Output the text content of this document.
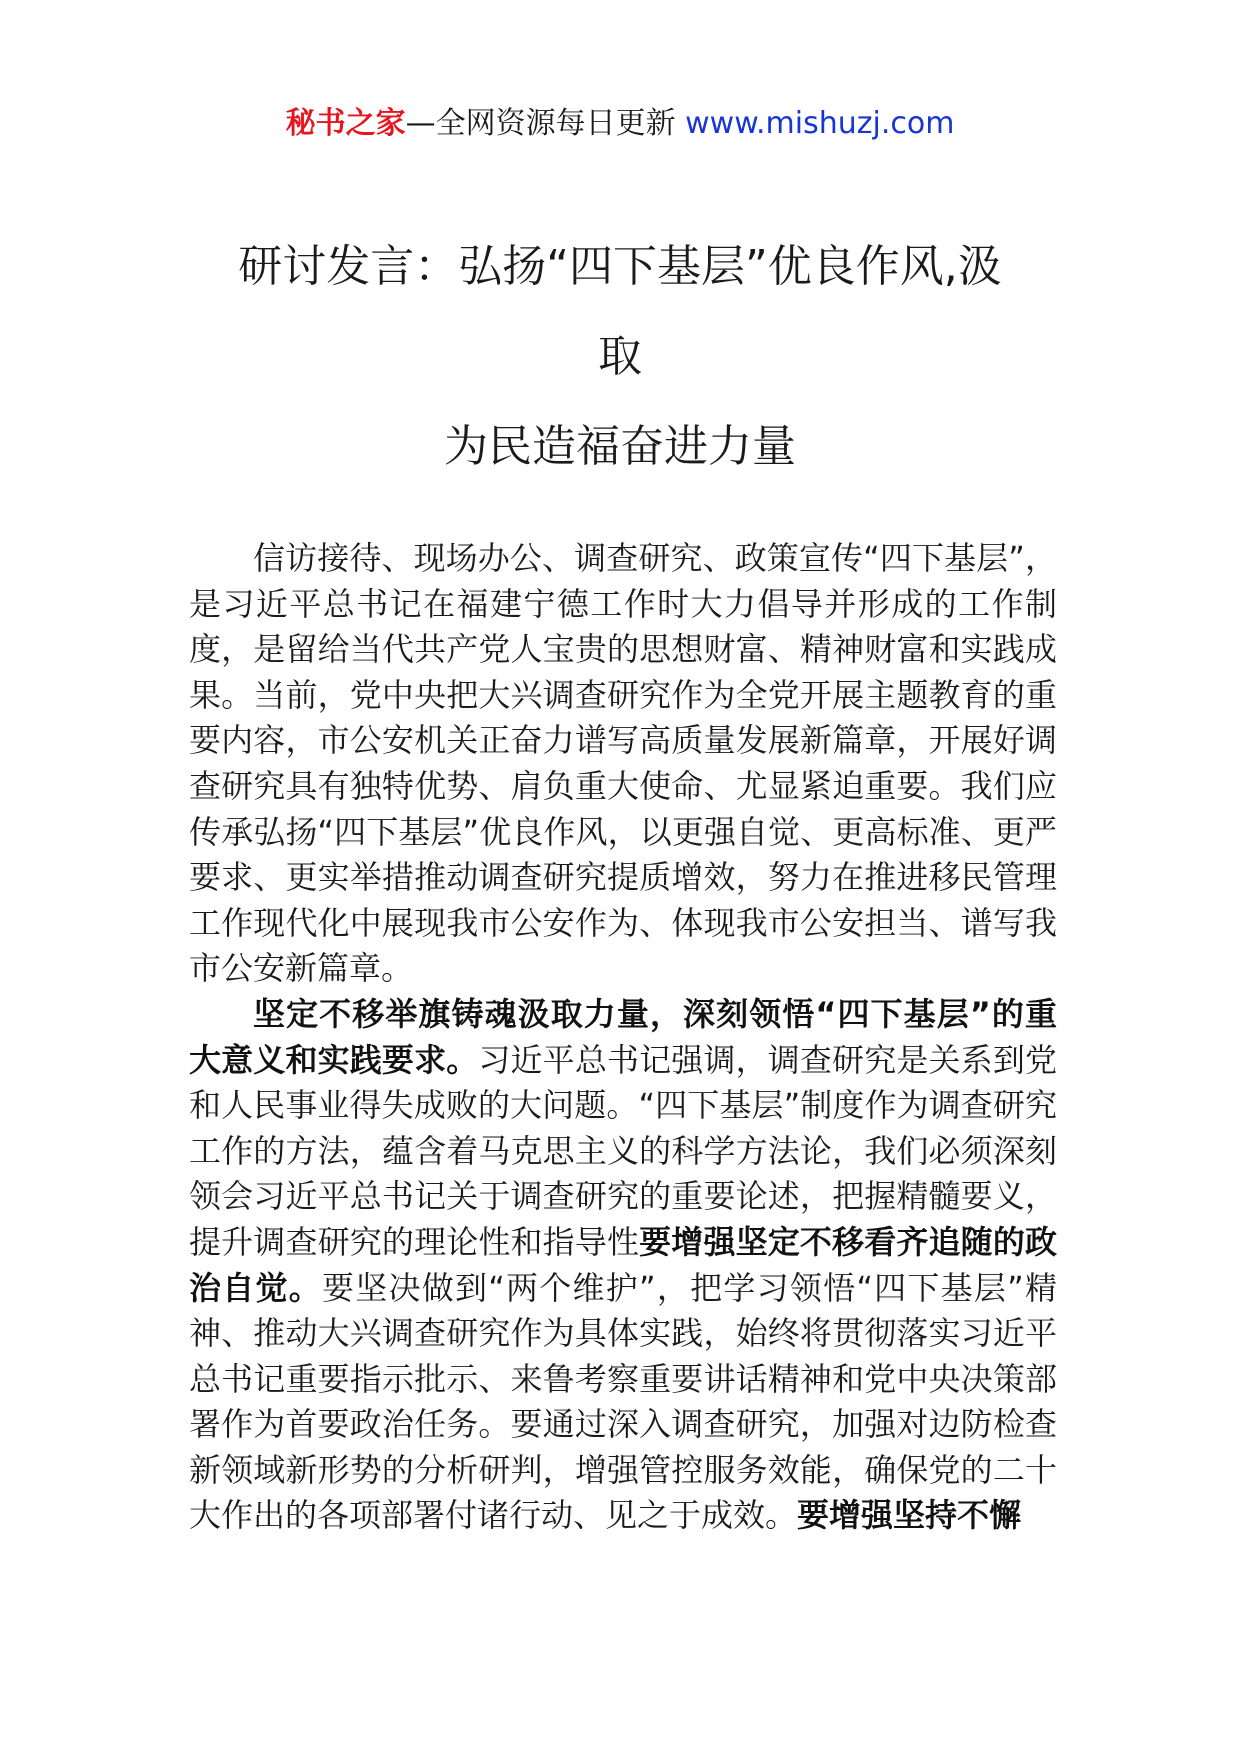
秘书之家—全网资源每日更新 www.mishuzj.com
研讨发言：弘扬“四下基层”优良作风,汲
取
为民造福奋进力量

信访接待、现场办公、调查研究、政策宣传“四下基层”，是习近平总书记在福建宁德工作时大力倡导并形成的工作制度，是留给当代共产党人宝贵的思想财富、精神财富和实践成果。当前，党中央把大兴调查研究作为全党开展主题教育的重要内容，市公安机关正奋力谱写高质量发展新篇章，开展好调查研究具有独特优势、肩负重大使命、尤显紧迫重要。我们应传承弘扬“四下基层”优良作风，以更强自觉、更高标准、更严要求、更实举措推动调查研究提质增效，努力在推进移民管理工作现代化中展现我市公安作为、体现我市公安担当、谱写我市公安新篇章。

坚定不移举旗铸魂汲取力量，深刻领悟“四下基层”的重大意义和实践要求。习近平总书记强调，调查研究是关系到党和人民事业得失成败的大问题。“四下基层”制度作为调查研究工作的方法，蕴含着马克思主义的科学方法论，我们必须深刻领会习近平总书记关于调查研究的重要论述，把握精髓要义，提升调查研究的理论性和指导性要增强坚定不移看齐追随的政治自觉。要坚决做到“两个维护”，把学习领悟“四下基层”精神、推动大兴调查研究作为具体实践，始终将贯彻落实习近平总书记重要指示批示、来鲁考察重要讲话精神和党中央决策部署作为首要政治任务。要通过深入调查研究，加强对边防检查新领域新形势的分析研判，增强管控服务效能，确保党的二十大作出的各项部署付诸行动、见之于成效。要增强坚持不懈
